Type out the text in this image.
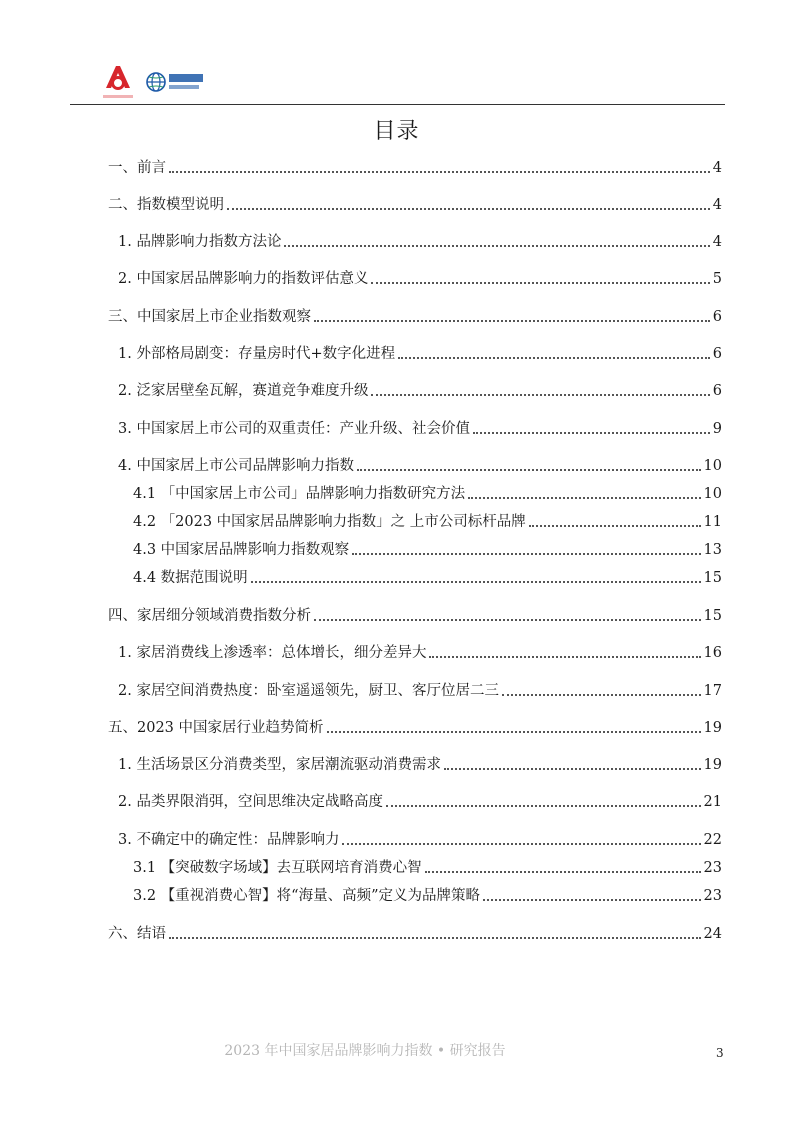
目录
一、前言	4
二、指数模型说明	4
1. 品牌影响力指数方法论	4
2. 中国家居品牌影响力的指数评估意义	5
三、中国家居上市企业指数观察	6
1. 外部格局剧变：存量房时代+数字化进程	6
2. 泛家居壁垒瓦解，赛道竞争难度升级	6
3. 中国家居上市公司的双重责任：产业升级、社会价值	9
4. 中国家居上市公司品牌影响力指数	10
4.1 「中国家居上市公司」品牌影响力指数研究方法	10
4.2 「2023 中国家居品牌影响力指数」之 上市公司标杆品牌	11
4.3 中国家居品牌影响力指数观察	13
4.4 数据范围说明	15
四、家居细分领域消费指数分析	15
1. 家居消费线上渗透率：总体增长，细分差异大	16
2. 家居空间消费热度：卧室遥遥领先，厨卫、客厅位居二三	17
五、2023 中国家居行业趋势简析	19
1. 生活场景区分消费类型，家居潮流驱动消费需求	19
2. 品类界限消弭，空间思维决定战略高度	21
3. 不确定中的确定性：品牌影响力	22
3.1 【突破数字场域】去互联网培育消费心智	23
3.2 【重视消费心智】将“海量、高频”定义为品牌策略	23
六、结语	24
2023 年中国家居品牌影响力指数 • 研究报告	3
